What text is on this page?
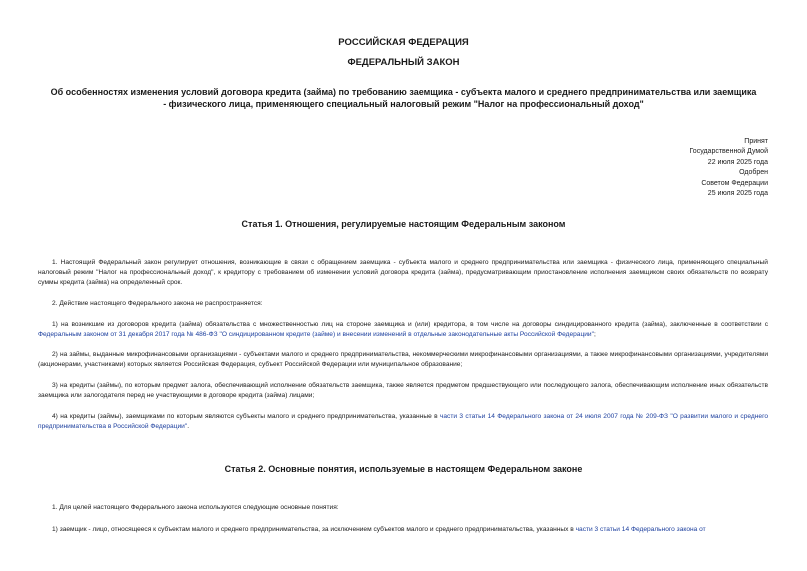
РОССИЙСКАЯ ФЕДЕРАЦИЯ
ФЕДЕРАЛЬНЫЙ ЗАКОН
Об особенностях изменения условий договора кредита (займа) по требованию заемщика - субъекта малого и среднего предпринимательства или заемщика - физического лица, применяющего специальный налоговый режим "Налог на профессиональный доход"
Принят
Государственной Думой
22 июля 2025 года
Одобрен
Советом Федерации
25 июля 2025 года
Статья 1. Отношения, регулируемые настоящим Федеральным законом
1. Настоящий Федеральный закон регулирует отношения, возникающие в связи с обращением заемщика - субъекта малого и среднего предпринимательства или заемщика - физического лица, применяющего специальный налоговый режим "Налог на профессиональный доход", к кредитору с требованием об изменении условий договора кредита (займа), предусматривающим приостановление исполнения заемщиком своих обязательств по возврату суммы кредита (займа) на определенный срок.
2. Действие настоящего Федерального закона не распространяется:
1) на возникшие из договоров кредита (займа) обязательства с множественностью лиц на стороне заемщика и (или) кредитора, в том числе на договоры синдицированного кредита (займа), заключенные в соответствии с Федеральным законом от 31 декабря 2017 года № 486-ФЗ "О синдицированном кредите (займе) и внесении изменений в отдельные законодательные акты Российской Федерации";
2) на займы, выданные микрофинансовыми организациями - субъектами малого и среднего предпринимательства, некоммерческими микрофинансовыми организациями, а также микрофинансовыми организациями, учредителями (акционерами, участниками) которых является Российская Федерация, субъект Российской Федерации или муниципальное образование;
3) на кредиты (займы), по которым предмет залога, обеспечивающий исполнение обязательств заемщика, также является предметом предшествующего или последующего залога, обеспечивающим исполнение иных обязательств заемщика или залогодателя перед не участвующими в договоре кредита (займа) лицами;
4) на кредиты (займы), заемщиками по которым являются субъекты малого и среднего предпринимательства, указанные в части 3 статьи 14 Федерального закона от 24 июля 2007 года № 209-ФЗ "О развитии малого и среднего предпринимательства в Российской Федерации".
Статья 2. Основные понятия, используемые в настоящем Федеральном законе
1. Для целей настоящего Федерального закона используются следующие основные понятия:
1) заемщик - лицо, относящееся к субъектам малого и среднего предпринимательства, за исключением субъектов малого и среднего предпринимательства, указанных в части 3 статьи 14 Федерального закона от
